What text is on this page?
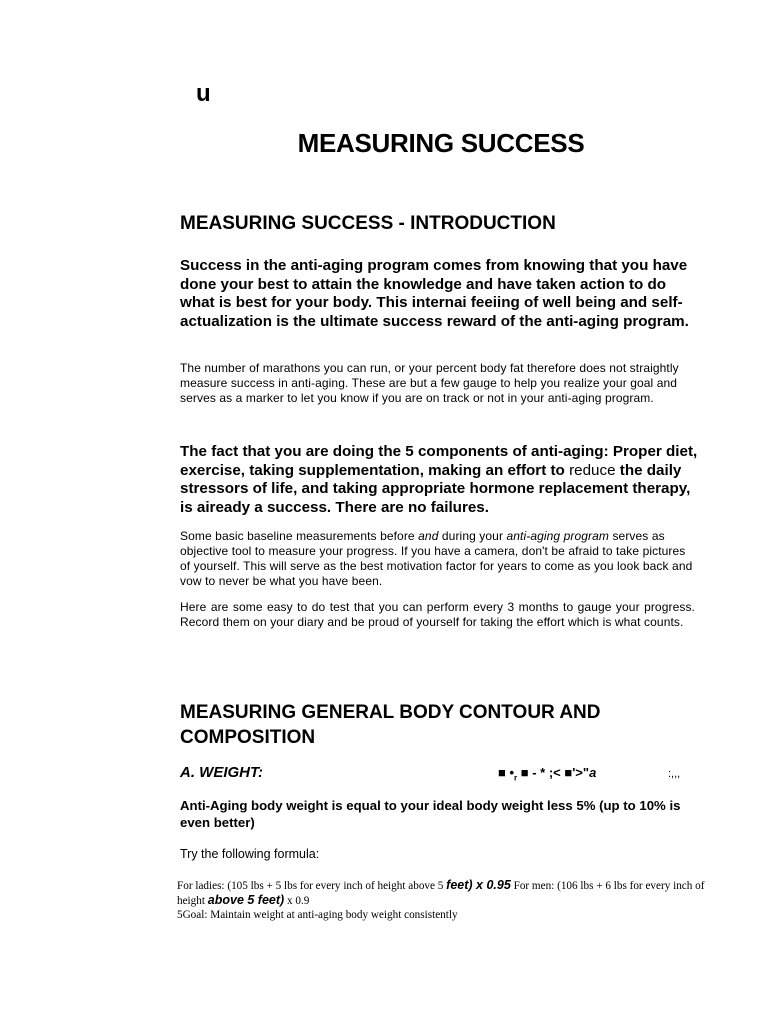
u
MEASURING SUCCESS
MEASURING SUCCESS - INTRODUCTION

Success in the anti-aging program comes from knowing that you have done your best to attain the knowledge and have taken action to do what is best for your body. This internai feeiing of well being and self- actualization is the ultimate success reward of the anti-aging program.

The number of marathons you can run, or your percent body fat therefore does not straightly measure success in anti-aging. These are but a few gauge to help you realize your goal and serves as a marker to let you know if you are on track or not in your anti-aging program.

The fact that you are doing the 5 components of anti-aging: Proper diet, exercise, taking supplementation, making an effort to reduce the daily stressors of life, and taking appropriate hormone replacement therapy, is aiready a success. There are no failures.

Some basic baseline measurements before and during your anti-aging program serves as objective tool to measure your progress. If you have a camera, don't be afraid to take pictures of yourself. This will serve as the best motivation factor for years to come as you look back and vow to never be what you have been.

Here are some easy to do test that you can perform every 3 months to gauge your progress. Record them on your diary and be proud of yourself for taking the effort which is what counts.

MEASURING GENERAL BODY CONTOUR AND COMPOSITION
A. WEIGHT:	■ $•_r$ ■ - * ;< ■'>"a	:,,,

Anti-Aging body weight is equal to your ideal body weight less 5% (up to 10% is even better)

Try the following formula:

For ladies: (105 lbs + 5 lbs for every inch of height above 5 feet) x 0.95 For men: (106 lbs + 6 lbs for every inch of height above 5 feet) x 0.9
5Goal: Maintain weight at anti-aging body weight consistently
